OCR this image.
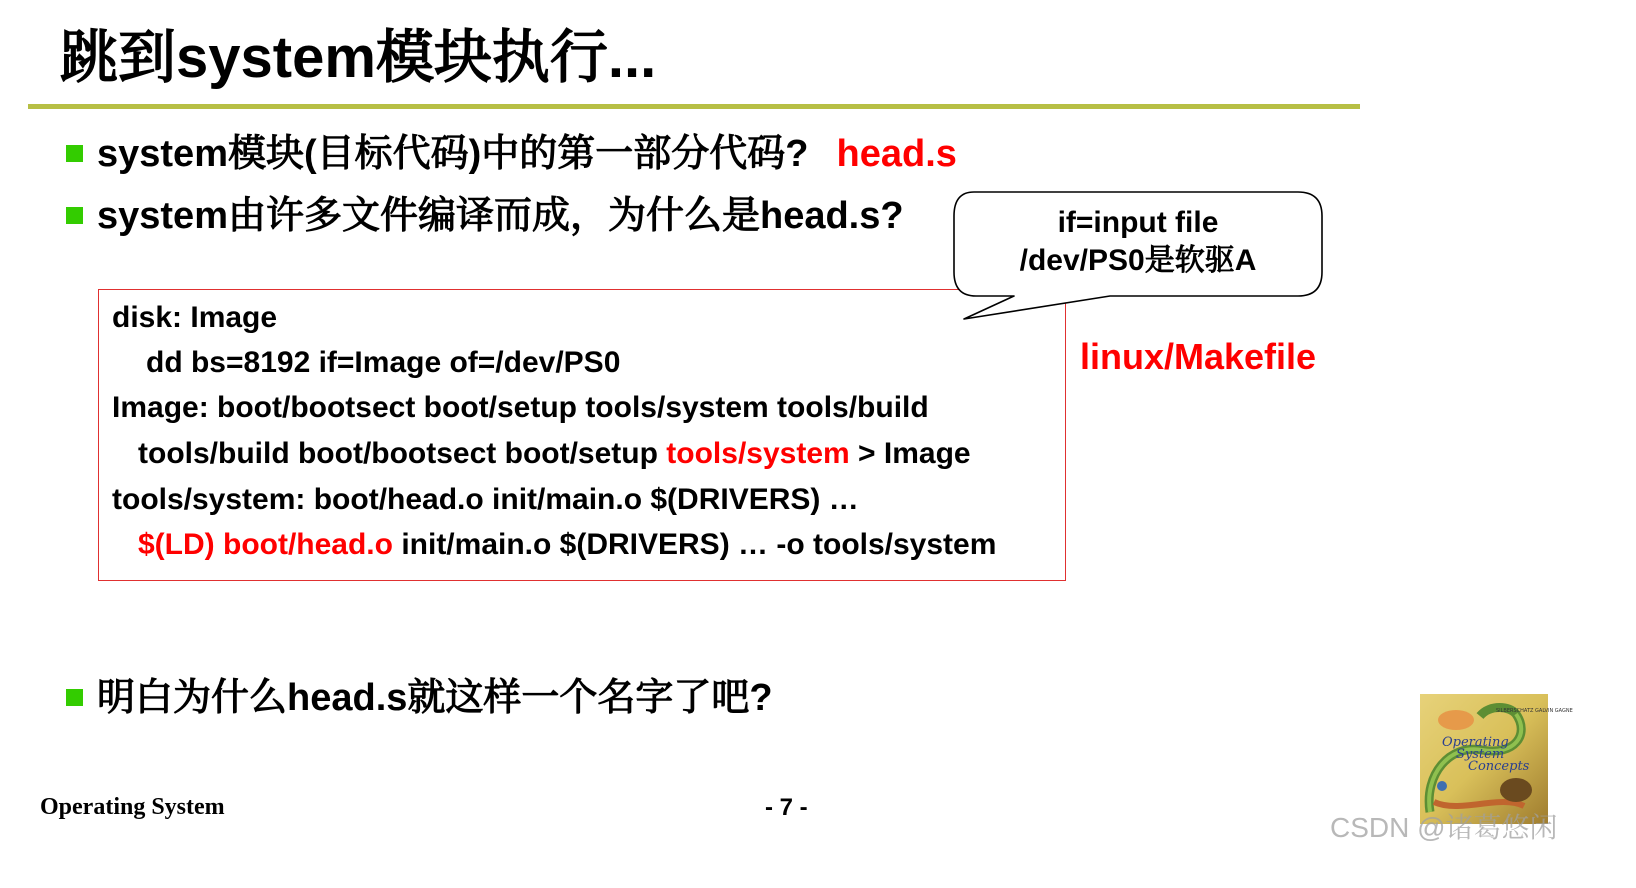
跳到system模块执行...
system模块(目标代码)中的第一部分代码? head.s
system由许多文件编译而成，为什么是head.s?
disk: Image
dd bs=8192 if=Image of=/dev/PS0
Image: boot/bootsect boot/setup tools/system tools/build
tools/build boot/bootsect boot/setup tools/system > Image
tools/system: boot/head.o init/main.o $(DRIVERS) …
$(LD) boot/head.o init/main.o $(DRIVERS) … -o tools/system
if=input file
/dev/PS0是软驱A
linux/Makefile
明白为什么head.s就这样一个名字了吧?
Operating System	- 7 -
SILBERSCHATZ GALVIN GAGNE
Operating
System
Concepts
CSDN @诸葛悠闲
